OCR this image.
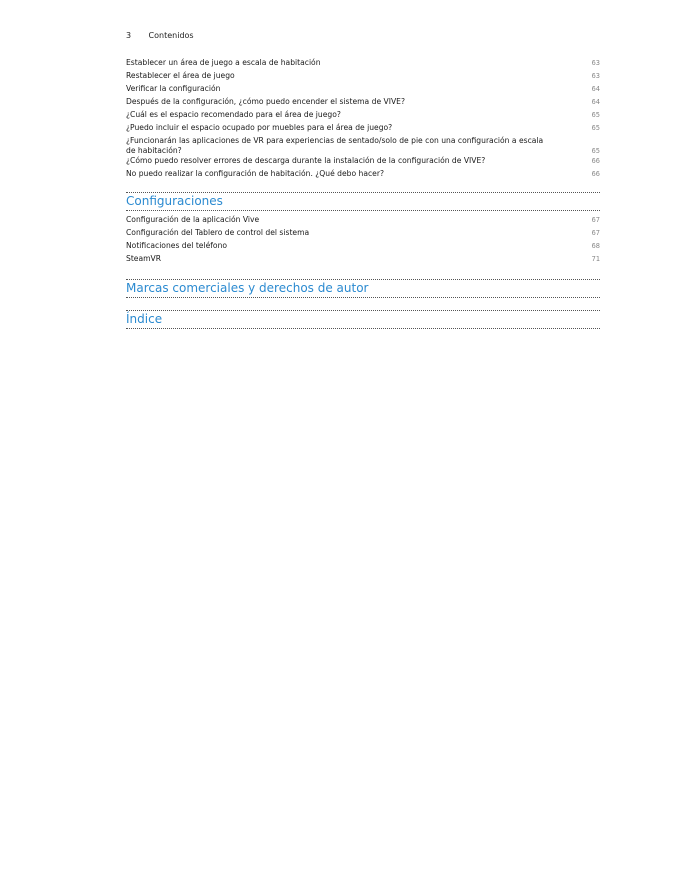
3 Contenidos
Establecer un área de juego a escala de habitación	63
Restablecer el área de juego	63
Verificar la configuración	64
Después de la configuración, ¿cómo puedo encender el sistema de VIVE?	64
¿Cuál es el espacio recomendado para el área de juego?	65
¿Puedo incluir el espacio ocupado por muebles para el área de juego?	65
¿Funcionarán las aplicaciones de VR para experiencias de sentado/solo de pie con una configuración a escala de habitación?	65
¿Cómo puedo resolver errores de descarga durante la instalación de la configuración de VIVE?	66
No puedo realizar la configuración de habitación. ¿Qué debo hacer?	66
Configuraciones
Configuración de la aplicación Vive	67
Configuración del Tablero de control del sistema	67
Notificaciones del teléfono	68
SteamVR	71
Marcas comerciales y derechos de autor
Índice
